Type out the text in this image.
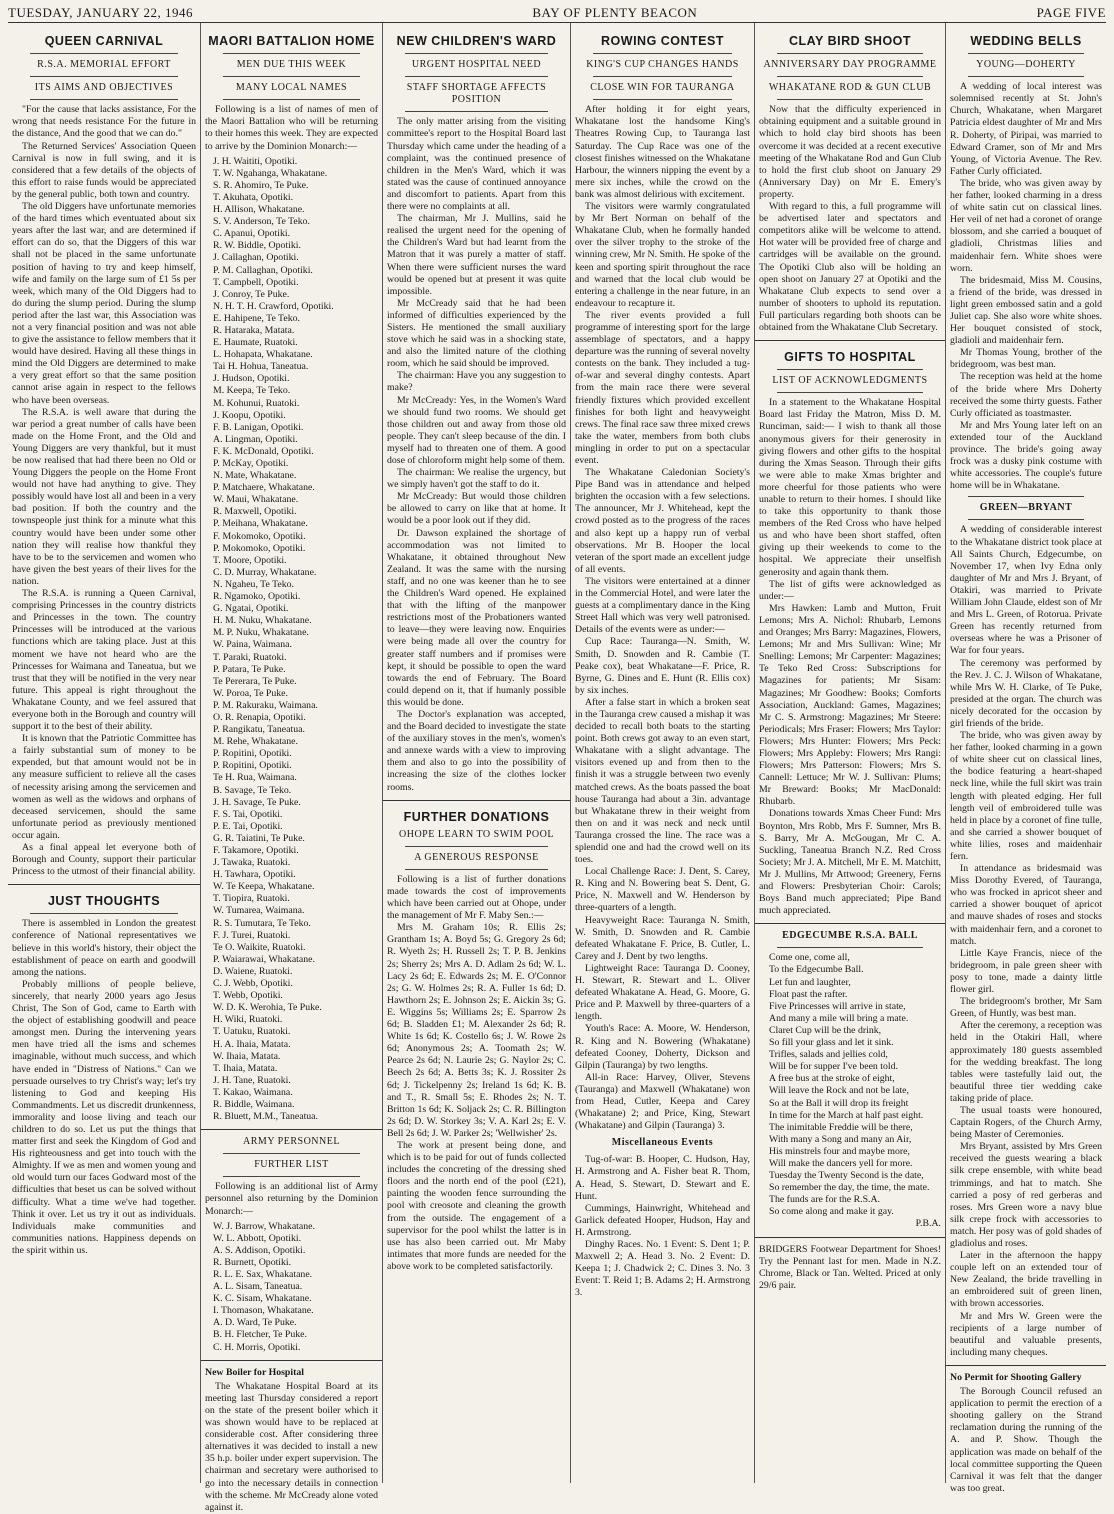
TUESDAY, JANUARY 22, 1946	BAY OF PLENTY BEACON	PAGE FIVE
QUEEN CARNIVAL
R.S.A. MEMORIAL EFFORT
ITS AIMS AND OBJECTIVES

"For the cause that lacks assistance, For the wrong that needs resistance For the future in the distance, And the good that we can do."

The Returned Services' Association Queen Carnival is now in full swing, and it is considered that a few details of the objects of this effort to raise funds would be appreciated by the general public, both town and country.

The old Diggers have unfortunate memories of the hard times which eventuated about six years after the last war, and are determined if effort can do so, that the Diggers of this war shall not be placed in the same unfortunate position of having to try and keep himself, wife and family on the large sum of £1 5s per week, which many of the Old Diggers had to do during the slump period. During the slump period after the last war, this Association was not a very financial position and was not able to give the assistance to fellow members that it would have desired. Having all these things in mind the Old Diggers are determined to make a very great effort so that the same position cannot arise again in respect to the fellows who have been overseas.

The R.S.A. is well aware that during the war period a great number of calls have been made on the Home Front, and the Old and Young Diggers are very thankful, but it must be now realised that had there been no Old or Young Diggers the people on the Home Front would not have had anything to give. They possibly would have lost all and been in a very bad position. If both the country and the townspeople just think for a minute what this country would have been under some other nation they will realise how thankful they have to be to the servicemen and women who have given the best years of their lives for the nation.

The R.S.A. is running a Queen Carnival, comprising Princesses in the country districts and Princesses in the town. The country Princesses will be introduced at the various functions which are taking place. Just at this moment we have not heard who are the Princesses for Waimana and Taneatua, but we trust that they will be notified in the very near future. This appeal is right throughout the Whakatane County, and we feel assured that everyone both in the Borough and country will support it to the best of their ability.

It is known that the Patriotic Committee has a fairly substantial sum of money to be expended, but that amount would not be in any measure sufficient to relieve all the cases of necessity arising among the servicemen and women as well as the widows and orphans of deceased servicemen, should the same unfortunate period as previously mentioned occur again.

As a final appeal let everyone both of Borough and County, support their particular Princess to the utmost of their financial ability.

JUST THOUGHTS

There is assembled in London the greatest conference of National representatives we believe in this world's history, their object the establishment of peace on earth and goodwill among the nations.

Probably millions of people believe, sincerely, that nearly 2000 years ago Jesus Christ, The Son of God, came to Earth with the object of establishing goodwill and peace amongst men. During the intervening years men have tried all the isms and schemes imaginable, without much success, and which have ended in "Distress of Nations." Can we persuade ourselves to try Christ's way; let's try listening to God and keeping His Commandments. Let us discredit drunkenness, immorality and loose living and teach our children to do so. Let us put the things that matter first and seek the Kingdom of God and His righteousness and get into touch with the Almighty. If we as men and women young and old would turn our faces Godward most of the difficulties that beset us can be solved without difficulty. What a time we've had together. Think it over. Let us try it out as individuals. Individuals make communities and communities nations. Happiness depends on the spirit within us.

MAORI BATTALION HOME
MEN DUE THIS WEEK
MANY LOCAL NAMES

Following is a list of names of men of the Maori Battalion who will be returning to their homes this week. They are expected to arrive by the Dominion Monarch:—

J. H. Waititi, Opotiki.
T. W. Ngahanga, Whakatane.
S. R. Ahomiro, Te Puke.
T. Akuhata, Opotiki.
H. Allison, Whakatane.
S. V. Anderson, Te Teko.
C. Apanui, Opotiki.
R. W. Biddle, Opotiki.
J. Callaghan, Opotiki.
P. M. Callaghan, Opotiki.
T. Campbell, Opotiki.
J. Conroy, Te Puke.
N. H. T. H. Crawford, Opotiki.
E. Hahipene, Te Teko.
R. Hataraka, Matata.
E. Haumate, Ruatoki.
L. Hohapata, Whakatane.
Tai H. Hohua, Taneatua.
J. Hudson, Opotiki.
M. Keepa, Te Teko.
M. Kohunui, Ruatoki.
J. Koopu, Opotiki.
F. B. Lanigan, Opotiki.
A. Lingman, Opotiki.
F. K. McDonald, Opotiki.
P. McKay, Opotiki.
N. Mate, Whakatane.
P. Matchaere, Whakatane.
W. Maui, Whakatane.
R. Maxwell, Opotiki.
P. Meihana, Whakatane.
F. Mokomoko, Opotiki.
P. Mokomoko, Opotiki.
T. Moore, Opotiki.
C. D. Murray, Whakatane.
N. Ngaheu, Te Teko.
R. Ngamoko, Opotiki.
G. Ngatai, Opotiki.
H. M. Nuku, Whakatane.
M. P. Nuku, Whakatane.
W. Paina, Waimana.
T. Paraki, Ruatoki.
P. Patara, Te Puke.
Te Pererara, Te Puke.
W. Poroa, Te Puke.
P. M. Rakuraku, Waimana.
O. R. Renapia, Opotiki.
P. Rangikatu, Taneatua.
M. Rehe, Whakatane.
P. Ropitini, Opotiki.
P. Ropitini, Opotiki.
Te H. Rua, Waimana.
B. Savage, Te Teko.
J. H. Savage, Te Puke.
F. S. Tai, Opotiki.
P. E. Tai, Opotiki.
G. R. Taiatini, Te Puke.
F. Takamore, Opotiki.
J. Tawaka, Ruatoki.
H. Tawhara, Opotiki.
W. Te Keepa, Whakatane.
T. Tiopira, Ruatoki.
W. Tumarea, Waimana.
R. S. Tumutara, Te Teko.
F. J. Turei, Ruatoki.
Te O. Waikite, Ruatoki.
P. Waiarawai, Whakatane.
D. Waiene, Ruatoki.
C. J. Webb, Opotiki.
T. Webb, Opotiki.
W. D. K. Werohia, Te Puke.
H. Wiki, Ruatoki.
T. Uatuku, Ruatoki.
H. A. Ihaia, Matata.
W. Ihaia, Matata.
T. Ihaia, Matata.
J. H. Tane, Ruatoki.
T. Kakao, Waimana.
R. Biddle, Waimana.
R. Bluett, M.M., Taneatua.
ARMY PERSONNEL
FURTHER LIST

Following is an additional list of Army personnel also returning by the Dominion Monarch:—

W. J. Barrow, Whakatane.
W. L. Abbott, Opotiki.
A. S. Addison, Opotiki.
R. Burnett, Opotiki.
R. L. E. Sax, Whakatane.
A. L. Sisam, Taneatua.
K. C. Sisam, Whakatane.
I. Thomason, Whakatane.
A. D. Ward, Te Puke.
B. H. Fletcher, Te Puke.
C. H. Morris, Opotiki.
New Boiler for Hospital

The Whakatane Hospital Board at its meeting last Thursday considered a report on the state of the present boiler which it was shown would have to be replaced at considerable cost. After considering three alternatives it was decided to install a new 35 h.p. boiler under expert supervision. The chairman and secretary were authorised to go into the necessary details in connection with the scheme. Mr McCready alone voted against it.

NEW CHILDREN'S WARD
URGENT HOSPITAL NEED
STAFF SHORTAGE AFFECTS POSITION

The only matter arising from the visiting committee's report to the Hospital Board last Thursday which came under the heading of a complaint, was the continued presence of children in the Men's Ward, which it was stated was the cause of continued annoyance and discomfort to patients. Apart from this there were no complaints at all.

The chairman, Mr J. Mullins, said he realised the urgent need for the opening of the Children's Ward but had learnt from the Matron that it was purely a matter of staff. When there were sufficient nurses the ward would be opened but at present it was quite impossible.

Mr McCready said that he had been informed of difficulties experienced by the Sisters. He mentioned the small auxiliary stove which he said was in a shocking state, and also the limited nature of the clothing room, which he said should be improved.

The chairman: Have you any suggestion to make?

Mr McCready: Yes, in the Women's Ward we should fund two rooms. We should get those children out and away from those old people. They can't sleep because of the din. I myself had to threaten one of them. A good dose of chloroform might help some of them.

The chairman: We realise the urgency, but we simply haven't got the staff to do it.

Mr McCready: But would those children be allowed to carry on like that at home. It would be a poor look out if they did.

Dr. Dawson explained the shortage of accommodation was not limited to Whakatane, it obtained throughout New Zealand. It was the same with the nursing staff, and no one was keener than he to see the Children's Ward opened. He explained that with the lifting of the manpower restrictions most of the Probationers wanted to leave—they were leaving now. Enquiries were being made all over the country for greater staff numbers and if promises were kept, it should be possible to open the ward towards the end of February. The Board could depend on it, that if humanly possible this would be done.

The Doctor's explanation was accepted, and the Board decided to investigate the state of the auxiliary stoves in the men's, women's and annexe wards with a view to improving them and also to go into the possibility of increasing the size of the clothes locker rooms.

FURTHER DONATIONS
OHOPE LEARN TO SWIM POOL
A GENEROUS RESPONSE

Following is a list of further donations made towards the cost of improvements which have been carried out at Ohope, under the management of Mr F. Maby Sen.:—

Mrs M. Graham 10s; R. Ellis 2s; Grantham 1s; A. Boyd 5s; G. Gregory 2s 6d; R. Wyeth 2s; H. Russell 2s; T. P. B. Jenkins 2s; Sherry 2s; Mrs A. D. Adlam 2s 6d; W. L. Lacy 2s 6d; E. Edwards 2s; M. E. O'Connor 2s; G. W. Holmes 2s; R. A. Fuller 1s 6d; D. Hawthorn 2s; E. Johnson 2s; E. Aickin 3s; G. E. Wiggins 5s; Williams 2s; E. Sparrow 2s 6d; B. Sladden £1; M. Alexander 2s 6d; R. White 1s 6d; K. Costello 6s; J. W. Rowe 2s 6d; Anonymous 2s; A. Toomath 2s; W. Pearce 2s 6d; N. Laurie 2s; G. Naylor 2s; C. Beech 2s 6d; A. Betts 3s; K. J. Rossiter 2s 6d; J. Tickelpenny 2s; Ireland 1s 6d; K. B. and T., R. Small 5s; E. Rhodes 2s; N. T. Britton 1s 6d; K. Soljack 2s; C. R. Billington 2s 6d; D. W. Storkey 3s; V. A. Karl 2s; E. V. Bell 2s 6d; J. W. Parker 2s; 'Wellwisher' 2s.

The work at present being done, and which is to be paid for out of funds collected includes the concreting of the dressing shed floors and the north end of the pool (£21), painting the wooden fence surrounding the pool with creosote and cleaning the growth from the outside. The engagement of a supervisor for the pool whilst the latter is in use has also been carried out. Mr Maby intimates that more funds are needed for the above work to be completed satisfactorily.

ROWING CONTEST
KING'S CUP CHANGES HANDS
CLOSE WIN FOR TAURANGA

After holding it for eight years, Whakatane lost the handsome King's Theatres Rowing Cup, to Tauranga last Saturday. The Cup Race was one of the closest finishes witnessed on the Whakatane Harbour, the winners nipping the event by a mere six inches, while the crowd on the bank was almost delirious with excitement.

The visitors were warmly congratulated by Mr Bert Norman on behalf of the Whakatane Club, when he formally handed over the silver trophy to the stroke of the winning crew, Mr N. Smith. He spoke of the keen and sporting spirit throughout the race and warned that the local club would be entering a challenge in the near future, in an endeavour to recapture it.

The river events provided a full programme of interesting sport for the large assemblage of spectators, and a happy departure was the running of several novelty contests on the bank. They included a tug-of-war and several dinghy contests. Apart from the main race there were several friendly fixtures which provided excellent finishes for both light and heavyweight crews. The final race saw three mixed crews take the water, members from both clubs mingling in order to put on a spectacular event.

The Whakatane Caledonian Society's Pipe Band was in attendance and helped brighten the occasion with a few selections. The announcer, Mr J. Whitehead, kept the crowd posted as to the progress of the races and also kept up a happy run of verbal observations. Mr B. Hooper the local veteran of the sport made an excellent judge of all events.

The visitors were entertained at a dinner in the Commercial Hotel, and were later the guests at a complimentary dance in the King Street Hall which was very well patronised. Details of the events were as under:—

Cup Race: Tauranga—N. Smith, W. Smith, D. Snowden and R. Cambie (T. Peake cox), beat Whakatane—F. Price, R. Byrne, G. Dines and E. Hunt (R. Ellis cox) by six inches.

After a false start in which a broken seat in the Tauranga crew caused a mishap it was decided to recall both boats to the starting point. Both crews got away to an even start, Whakatane with a slight advantage. The visitors evened up and from then to the finish it was a struggle between two evenly matched crews. As the boats passed the boat house Tauranga had about a 3in. advantage but Whakatane threw in their weight from then on and it was neck and neck until Tauranga crossed the line. The race was a splendid one and had the crowd well on its toes.

Local Challenge Race: J. Dent, S. Carey, R. King and N. Bowering beat S. Dent, G. Price, N. Maxwell and W. Henderson by three-quarters of a length.

Heavyweight Race: Tauranga N. Smith, W. Smith, D. Snowden and R. Cambie defeated Whakatane F. Price, B. Cutler, L. Carey and J. Dent by two lengths.

Lightweight Race: Tauranga D. Cooney, H. Stewart, R. Stewart and L. Oliver defeated Whakatane A. Head, G. Moore, G. Price and P. Maxwell by three-quarters of a length.

Youth's Race: A. Moore, W. Henderson, R. King and N. Bowering (Whakatane) defeated Cooney, Doherty, Dickson and Gilpin (Tauranga) by two lengths.

All-in Race: Harvey, Oliver, Stevens (Tauranga) and Maxwell (Whakatane) won from Head, Cutler, Keepa and Carey (Whakatane) 2; and Price, King, Stewart (Whakatane) and Gilpin (Tauranga) 3.

Miscellaneous Events

Tug-of-war: B. Hooper, C. Hudson, Hay, H. Armstrong and A. Fisher beat R. Thom, A. Head, S. Stewart, D. Stewart and E. Hunt.

Cummings, Hainwright, Whitehead and Garlick defeated Hooper, Hudson, Hay and H. Armstrong.

Dinghy Races. No. 1 Event: S. Dent 1; P. Maxwell 2; A. Head 3. No. 2 Event: D. Keepa 1; J. Chadwick 2; C. Dines 3. No. 3 Event: T. Reid 1; B. Adams 2; H. Armstrong 3.

CLAY BIRD SHOOT
ANNIVERSARY DAY PROGRAMME
WHAKATANE ROD & GUN CLUB

Now that the difficulty experienced in obtaining equipment and a suitable ground in which to hold clay bird shoots has been overcome it was decided at a recent executive meeting of the Whakatane Rod and Gun Club to hold the first club shoot on January 29 (Anniversary Day) on Mr E. Emery's property.

With regard to this, a full programme will be advertised later and spectators and competitors alike will be welcome to attend. Hot water will be provided free of charge and cartridges will be available on the ground. The Opotiki Club also will be holding an open shoot on January 27 at Opotiki and the Whakatane Club expects to send over a number of shooters to uphold its reputation. Full particulars regarding both shoots can be obtained from the Whakatane Club Secretary.

GIFTS TO HOSPITAL
LIST OF ACKNOWLEDGMENTS

In a statement to the Whakatane Hospital Board last Friday the Matron, Miss D. M. Runciman, said:— I wish to thank all those anonymous givers for their generosity in giving flowers and other gifts to the hospital during the Xmas Season. Through their gifts we were able to make Xmas brighter and more cheerful for those patients who were unable to return to their homes. I should like to take this opportunity to thank those members of the Red Cross who have helped us and who have been short staffed, often giving up their weekends to come to the hospital. We appreciate their unselfish generosity and again thank them.

The list of gifts were acknowledged as under:—

Mrs Hawken: Lamb and Mutton, Fruit Lemons; Mrs A. Nichol: Rhubarb, Lemons and Oranges; Mrs Barry: Magazines, Flowers, Lemons; Mr and Mrs Sullivan: Wine; Mr Snelling: Lemons; Mr Carpenter: Magazines; Te Teko Red Cross: Subscriptions for Magazines for patients; Mr Sisam: Magazines; Mr Goodhew: Books; Comforts Association, Auckland: Games, Magazines; Mr C. S. Armstrong: Magazines; Mr Steere: Periodicals; Mrs Fraser: Flowers; Mrs Taylor: Flowers; Mrs Hunter: Flowers; Mrs Peck: Flowers; Mrs Appleby: Flowers; Mrs Rangi: Flowers; Mrs Patterson: Flowers; Mrs S. Cannell: Lettuce; Mr W. J. Sullivan: Plums; Mr Breward: Books; Mr MacDonald: Rhubarb.

Donations towards Xmas Cheer Fund: Mrs Boynton, Mrs Robb, Mrs F. Sumner, Mrs B. S. Barry, Mr A. McGougan, Mr C. A. Suckling, Taneatua Branch N.Z. Red Cross Society; Mr J. A. Mitchell, Mr E. M. Matchitt, Mr J. Mullins, Mr Attwood; Greenery, Ferns and Flowers: Presbyterian Choir: Carols; Boys Band much appreciated; Pipe Band much appreciated.

EDGECUMBE R.S.A. BALL

Come one, come all,

To the Edgecumbe Ball.

Let fun and laughter,

Float past the rafter.

Five Princesses will arrive in state,

And many a mile will bring a mate.

Claret Cup will be the drink,

So fill your glass and let it sink.

Trifles, salads and jellies cold,

Will be for supper I've been told.

A free bus at the stroke of eight,

Will leave the Rock and not be late,

So at the Ball it will drop its freight

In time for the March at half past eight.

The inimitable Freddie will be there,

With many a Song and many an Air,

His minstrels four and maybe more,

Will make the dancers yell for more.

Tuesday the Twenty Second is the date,

So remember the day, the time, the mate.

The funds are for the R.S.A.

So come along and make it gay.

P.B.A.

BRIDGERS Footwear Department for Shoes! Try the Pennant last for men. Made in N.Z. Chrome, Black or Tan. Welted. Priced at only 29/6 pair.

WEDDING BELLS
YOUNG—DOHERTY

A wedding of local interest was solemnised recently at St. John's Church, Whakatane, when Margaret Patricia eldest daughter of Mr and Mrs R. Doherty, of Piripai, was married to Edward Cramer, son of Mr and Mrs Young, of Victoria Avenue. The Rev. Father Curly officiated.

The bride, who was given away by her father, looked charming in a dress of white satin cut on classical lines. Her veil of net had a coronet of orange blossom, and she carried a bouquet of gladioli, Christmas lilies and maidenhair fern. White shoes were worn.

The bridesmaid, Miss M. Cousins, a friend of the bride, was dressed in light green embossed satin and a gold Juliet cap. She also wore white shoes. Her bouquet consisted of stock, gladioli and maidenhair fern.

Mr Thomas Young, brother of the bridegroom, was best man.

The reception was held at the home of the bride where Mrs Doherty received the some thirty guests. Father Curly officiated as toastmaster.

Mr and Mrs Young later left on an extended tour of the Auckland province. The bride's going away frock was a dusky pink costume with white accessories. The couple's future home will be in Whakatane.

GREEN—BRYANT

A wedding of considerable interest to the Whakatane district took place at All Saints Church, Edgecumbe, on November 17, when Ivy Edna only daughter of Mr and Mrs J. Bryant, of Otakiri, was married to Private William John Claude, eldest son of Mr and Mrs L. Green, of Rotorua. Private Green has recently returned from overseas where he was a Prisoner of War for four years.

The ceremony was performed by the Rev. J. C. J. Wilson of Whakatane, while Mrs W. H. Clarke, of Te Puke, presided at the organ. The church was nicely decorated for the occasion by girl friends of the bride.

The bride, who was given away by her father, looked charming in a gown of white sheer cut on classical lines, the bodice featuring a heart-shaped neck line, while the full skirt was train length with pleated edging. Her full length veil of embroidered tulle was held in place by a coronet of fine tulle, and she carried a shower bouquet of white lilies, roses and maidenhair fern.

In attendance as bridesmaid was Miss Dorothy Evered, of Tauranga, who was frocked in apricot sheer and carried a shower bouquet of apricot and mauve shades of roses and stocks with maidenhair fern, and a coronet to match.

Little Kaye Francis, niece of the bridegroom, in pale green sheer with posy to tone, made a dainty little flower girl.

The bridegroom's brother, Mr Sam Green, of Huntly, was best man.

After the ceremony, a reception was held in the Otakiri Hall, where approximately 180 guests assembled for the wedding breakfast. The long tables were tastefully laid out, the beautiful three tier wedding cake taking pride of place.

The usual toasts were honoured, Captain Rogers, of the Church Army, being Master of Ceremonies.

Mrs Bryant, assisted by Mrs Green received the guests wearing a black silk crepe ensemble, with white bead trimmings, and hat to match. She carried a posy of red gerberas and roses. Mrs Green wore a navy blue silk crepe frock with accessories to match. Her posy was of gold shades of gladiolus and roses.

Later in the afternoon the happy couple left on an extended tour of New Zealand, the bride travelling in an embroidered suit of green linen, with brown accessories.

Mr and Mrs W. Green were the recipients of a large number of beautiful and valuable presents, including many cheques.

No Permit for Shooting Gallery

The Borough Council refused an application to permit the erection of a shooting gallery on the Strand reclamation during the running of the A. and P. Show. Though the application was made on behalf of the local committee supporting the Queen Carnival it was felt that the danger was too great.
